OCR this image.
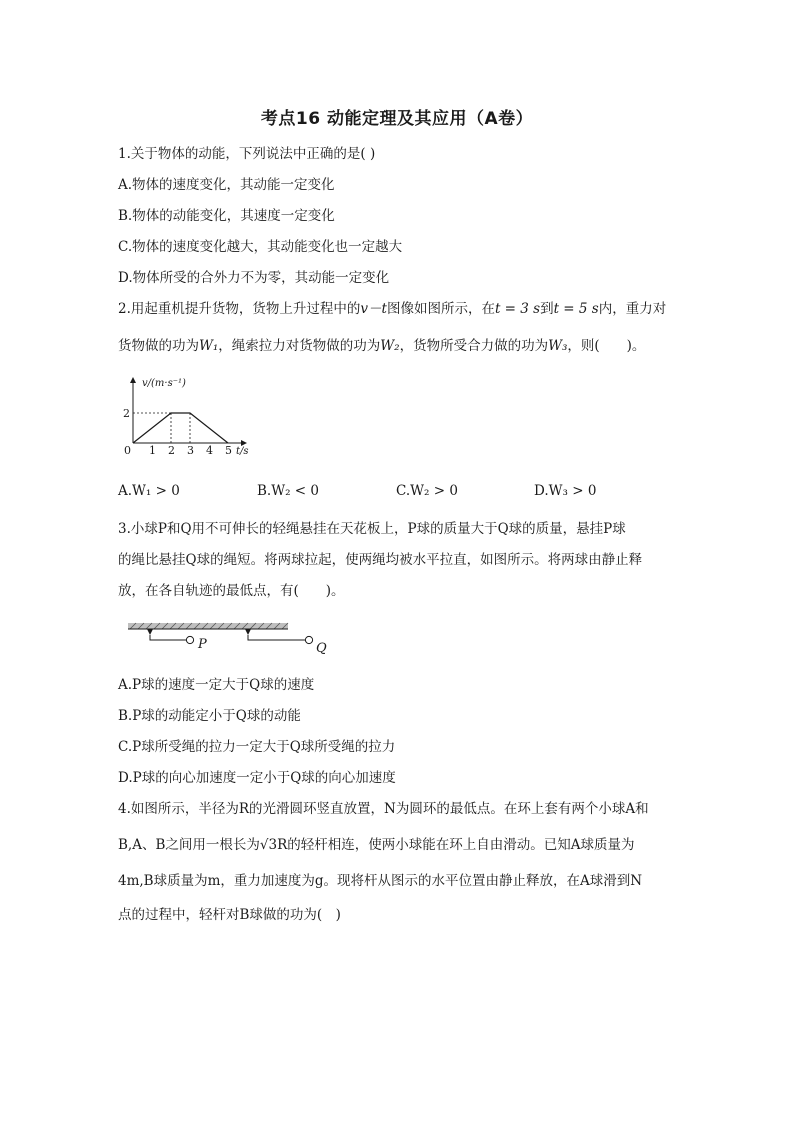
考点16 动能定理及其应用（A卷）
1.关于物体的动能，下列说法中正确的是( )
A.物体的速度变化，其动能一定变化
B.物体的动能变化，其速度一定变化
C.物体的速度变化越大，其动能变化也一定越大
D.物体所受的合外力不为零，其动能一定变化
2.用起重机提升货物，货物上升过程中的v－t图像如图所示，在t = 3 s到t = 5 s内，重力对
货物做的功为W₁，绳索拉力对货物做的功为W₂，货物所受合力做的功为W₃，则(　　)。
v/(m·s⁻¹)
0	t/s
1 2 3 4 5
2
A.W₁ > 0	B.W₂ < 0	C.W₂ > 0	D.W₃ > 0
3.小球P和Q用不可伸长的轻绳悬挂在天花板上，P球的质量大于Q球的质量，悬挂P球
的绳比悬挂Q球的绳短。将两球拉起，使两绳均被水平拉直，如图所示。将两球由静止释
放，在各自轨迹的最低点，有(　　)。
P	Q
A.P球的速度一定大于Q球的速度
B.P球的动能定小于Q球的动能
C.P球所受绳的拉力一定大于Q球所受绳的拉力
D.P球的向心加速度一定小于Q球的向心加速度
4.如图所示，半径为R的光滑圆环竖直放置，N为圆环的最低点。在环上套有两个小球A和
B,A、B之间用一根长为√3R的轻杆相连，使两小球能在环上自由滑动。已知A球质量为
4m,B球质量为m，重力加速度为g。现将杆从图示的水平位置由静止释放，在A球滑到N
点的过程中，轻杆对B球做的功为(　)
